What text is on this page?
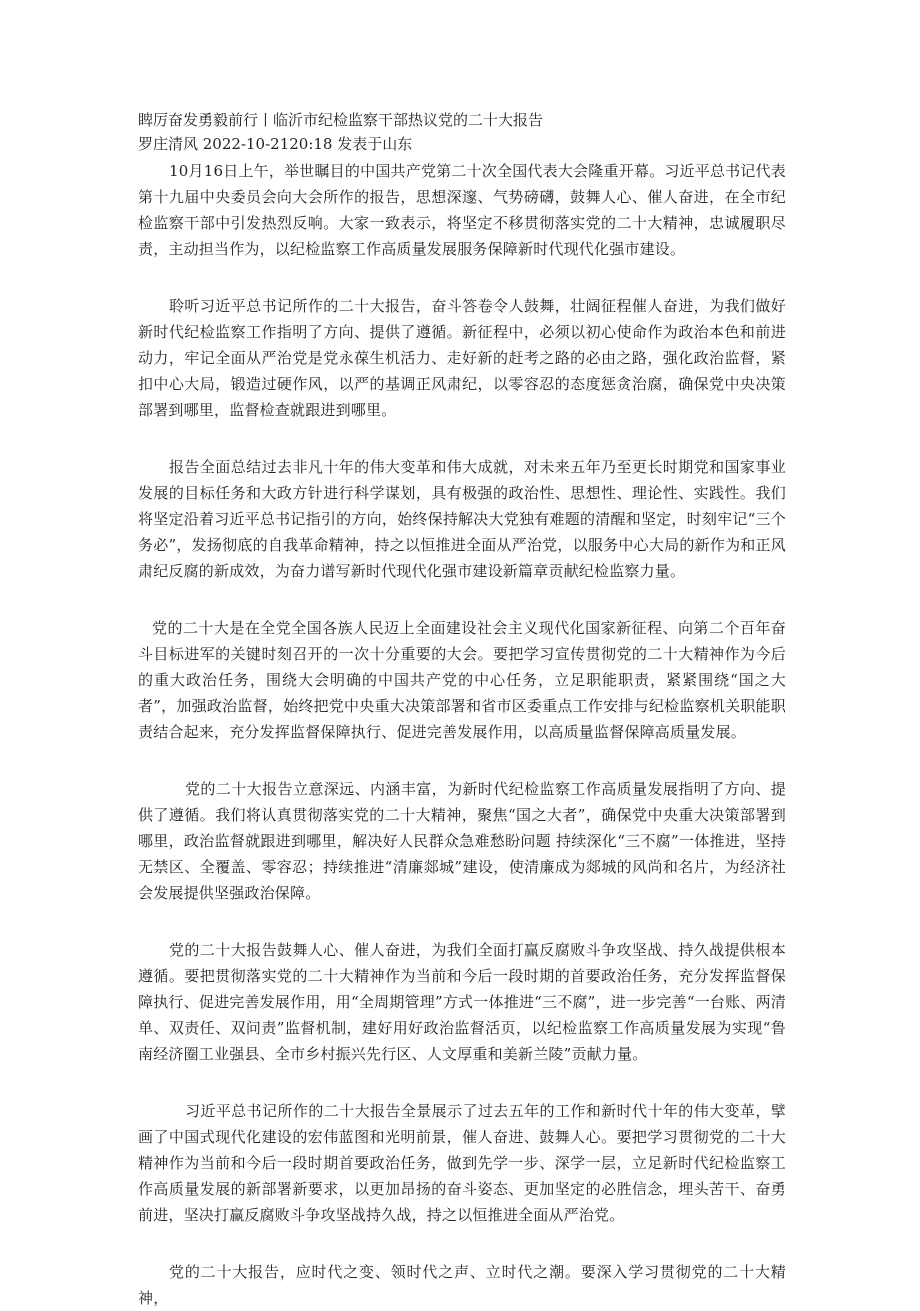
睥厉奋发勇毅前行丨临沂市纪检监察干部热议党的二十大报告

罗庄清风 2022-10-2120:18 发表于山东

10月16日上午，举世瞩目的中国共产党第二十次全国代表大会隆重开幕。习近平总书记代表第十九届中央委员会向大会所作的报告，思想深邃、气势磅礴，鼓舞人心、催人奋进，在全市纪检监察干部中引发热烈反响。大家一致表示，将坚定不移贯彻落实党的二十大精神，忠诚履职尽责，主动担当作为，以纪检监察工作高质量发展服务保障新时代现代化强市建设。

聆听习近平总书记所作的二十大报告，奋斗答卷令人鼓舞，壮阔征程催人奋进，为我们做好新时代纪检监察工作指明了方向、提供了遵循。新征程中，必须以初心使命作为政治本色和前进动力，牢记全面从严治党是党永葆生机活力、走好新的赶考之路的必由之路，强化政治监督，紧扣中心大局，锻造过硬作风，以严的基调正风肃纪，以零容忍的态度惩贪治腐，确保党中央决策部署到哪里，监督检查就跟进到哪里。

报告全面总结过去非凡十年的伟大变革和伟大成就，对未来五年乃至更长时期党和国家事业发展的目标任务和大政方针进行科学谋划，具有极强的政治性、思想性、理论性、实践性。我们将坚定沿着习近平总书记指引的方向，始终保持解决大党独有难题的清醒和坚定，时刻牢记“三个务必”，发扬彻底的自我革命精神，持之以恒推进全面从严治党，以服务中心大局的新作为和正风肃纪反腐的新成效，为奋力谱写新时代现代化强市建设新篇章贡献纪检监察力量。

党的二十大是在全党全国各族人民迈上全面建设社会主义现代化国家新征程、向第二个百年奋斗目标进军的关键时刻召开的一次十分重要的大会。要把学习宣传贯彻党的二十大精神作为今后的重大政治任务，围绕大会明确的中国共产党的中心任务，立足职能职责，紧紧围绕“国之大者”，加强政治监督，始终把党中央重大决策部署和省市区委重点工作安排与纪检监察机关职能职责结合起来，充分发挥监督保障执行、促进完善发展作用，以高质量监督保障高质量发展。

党的二十大报告立意深远、内涵丰富，为新时代纪检监察工作高质量发展指明了方向、提供了遵循。我们将认真贯彻落实党的二十大精神，聚焦“国之大者”，确保党中央重大决策部署到哪里，政治监督就跟进到哪里，解决好人民群众急难愁盼问题 持续深化“三不腐”一体推进，坚持无禁区、全覆盖、零容忍；持续推进“清廉郯城”建设，使清廉成为郯城的风尚和名片，为经济社会发展提供坚强政治保障。

党的二十大报告鼓舞人心、催人奋进，为我们全面打赢反腐败斗争攻坚战、持久战提供根本遵循。要把贯彻落实党的二十大精神作为当前和今后一段时期的首要政治任务，充分发挥监督保障执行、促进完善发展作用，用“全周期管理”方式一体推进“三不腐”，进一步完善“一台账、两清单、双责任、双问责”监督机制，建好用好政治监督活页，以纪检监察工作高质量发展为实现“鲁南经济圈工业强县、全市乡村振兴先行区、人文厚重和美新兰陵”贡献力量。

习近平总书记所作的二十大报告全景展示了过去五年的工作和新时代十年的伟大变革，擘画了中国式现代化建设的宏伟蓝图和光明前景，催人奋进、鼓舞人心。要把学习贯彻党的二十大精神作为当前和今后一段时期首要政治任务，做到先学一步、深学一层，立足新时代纪检监察工作高质量发展的新部署新要求，以更加昂扬的奋斗姿态、更加坚定的必胜信念，埋头苦干、奋勇前进，坚决打赢反腐败斗争攻坚战持久战，持之以恒推进全面从严治党。

党的二十大报告，应时代之变、领时代之声、立时代之潮。要深入学习贯彻党的二十大精神，
